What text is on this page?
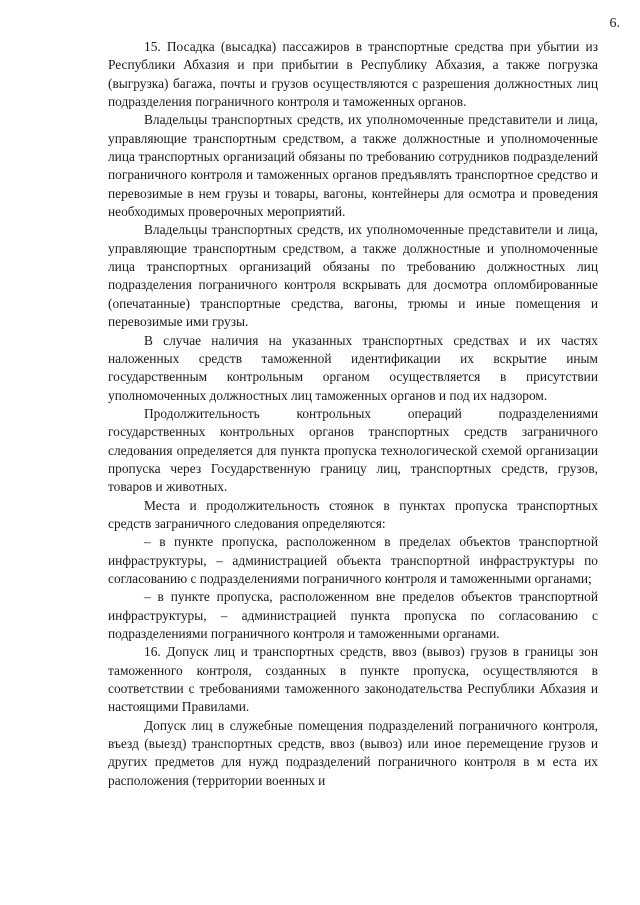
6.

15. Посадка (высадка) пассажиров в транспортные средства при убытии из Республики Абхазия и при прибытии в Республику Абхазия, а также погрузка (выгрузка) багажа, почты и грузов осуществляются с разрешения должностных лиц подразделения пограничного контроля и таможенных органов.

Владельцы транспортных средств, их уполномоченные представители и лица, управляющие транспортным средством, а также должностные и уполномоченные лица транспортных организаций обязаны по требованию сотрудников подразделений пограничного контроля и таможенных органов предъявлять транспортное средство и перевозимые в нем грузы и товары, вагоны, контейнеры для осмотра и проведения необходимых проверочных мероприятий.

Владельцы транспортных средств, их уполномоченные представители и лица, управляющие транспортным средством, а также должностные и уполномоченные лица транспортных организаций обязаны по требованию должностных лиц подразделения пограничного контроля вскрывать для досмотра опломбированные (опечатанные) транспортные средства, вагоны, трюмы и иные помещения и перевозимые ими грузы.

В случае наличия на указанных транспортных средствах и их частях наложенных средств таможенной идентификации их вскрытие иным государственным контрольным органом осуществляется в присутствии уполномоченных должностных лиц таможенных органов и под их надзором.

Продолжительность контрольных операций подразделениями государственных контрольных органов транспортных средств заграничного следования определяется для пункта пропуска технологической схемой организации пропуска через Государственную границу лиц, транспортных средств, грузов, товаров и животных.

Места и продолжительность стоянок в пунктах пропуска транспортных средств заграничного следования определяются:

– в пункте пропуска, расположенном в пределах объектов транспортной инфраструктуры, – администрацией объекта транспортной инфраструктуры по согласованию с подразделениями пограничного контроля и таможенными органами;

– в пункте пропуска, расположенном вне пределов объектов транспортной инфраструктуры, – администрацией пункта пропуска по согласованию с подразделениями пограничного контроля и таможенными органами.

16. Допуск лиц и транспортных средств, ввоз (вывоз) грузов в границы зон таможенного контроля, созданных в пункте пропуска, осуществляются в соответствии с требованиями таможенного законодательства Республики Абхазия и настоящими Правилами.

Допуск лиц в служебные помещения подразделений пограничного контроля, въезд (выезд) транспортных средств, ввоз (вывоз) или иное перемещение грузов и других предметов для нужд подразделений пограничного контроля в м еста их расположения (территории военных и
